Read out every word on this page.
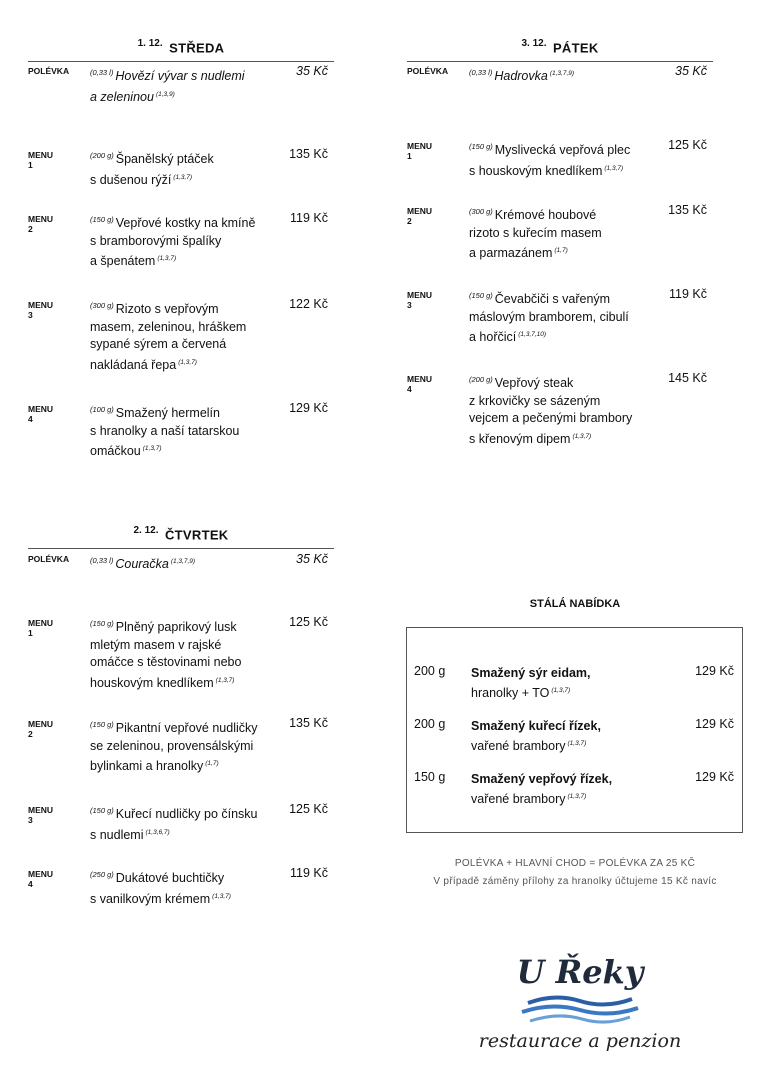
$^{1. 12.}$ STŘEDA
POLÉVKA	$^{(0,33 l)}$ Hovězí vývar s nudlemi
a zeleninou $^{(1,3,9)}$
35 Kč
MENU 1
$^{(200 g)}$ Španělský ptáček
s dušenou rýží $^{(1,3,7)}$
135 Kč
MENU 2
$^{(150 g)}$ Vepřové kostky na kmíně
s bramborovými špalíky
a špenátem $^{(1,3,7)}$
119 Kč
MENU 3
$^{(300 g)}$ Rizoto s vepřovým
masem, zeleninou, hráškem
sypané sýrem a červená
nakládaná řepa $^{(1,3,7)}$
122 Kč
MENU 4
$^{(100 g)}$ Smažený hermelín
s hranolky a naší tatarskou
omáčkou $^{(1,3,7)}$
129 Kč
$^{3. 12.}$ PÁTEK
POLÉVKA	$^{(0,33 l)}$ Hadrovka $^{(1,3,7,9)}$	35 Kč
MENU 1
$^{(150 g)}$ Myslivecká vepřová plec
s houskovým knedlíkem $^{(1,3,7)}$
125 Kč
MENU 2
$^{(300 g)}$ Krémové houbové
rizoto s kuřecím masem
a parmazánem $^{(1,7)}$
135 Kč
MENU 3
$^{(150 g)}$ Čevabčiči s vařeným
máslovým bramborem, cibulí
a hořčicí $^{(1,3,7,10)}$
119 Kč
MENU 4
$^{(200 g)}$ Vepřový steak
z krkovičky se sázeným
vejcem a pečenými brambory
s křenovým dipem $^{(1,3,7)}$
145 Kč
$^{2. 12.}$ ČTVRTEK
POLÉVKA	$^{(0,33 l)}$ Couračka $^{(1,3,7,9)}$	35 Kč
MENU 1
$^{(150 g)}$ Plněný paprikový lusk
mletým masem v rajské
omáčce s těstovinami nebo
houskovým knedlíkem $^{(1,3,7)}$
125 Kč
MENU 2
$^{(150 g)}$ Pikantní vepřové nudličky
se zeleninou, provensálskými
bylinkami a hranolky $^{(1,7)}$
135 Kč
MENU 3
$^{(150 g)}$ Kuřecí nudličky po čínsku
s nudlemi $^{(1,3,6,7)}$
125 Kč
MENU 4
$^{(250 g)}$ Dukátové buchtičky
s vanilkovým krémem $^{(1,3,7)}$
119 Kč
STÁLÁ NABÍDKA
200 g Smažený sýr eidam,
hranolky + TO $^{(1,3,7)}$
129 Kč
200 g Smažený kuřecí řízek,
vařené brambory $^{(1,3,7)}$
129 Kč
150 g Smažený vepřový řízek,
vařené brambory $^{(1,3,7)}$
129 Kč
POLÉVKA + HLAVNÍ CHOD = POLÉVKA ZA 25 KČ
V případě záměny přílohy za hranolky účtujeme 15 Kč navíc
U Řeky
restaurace a penzion
